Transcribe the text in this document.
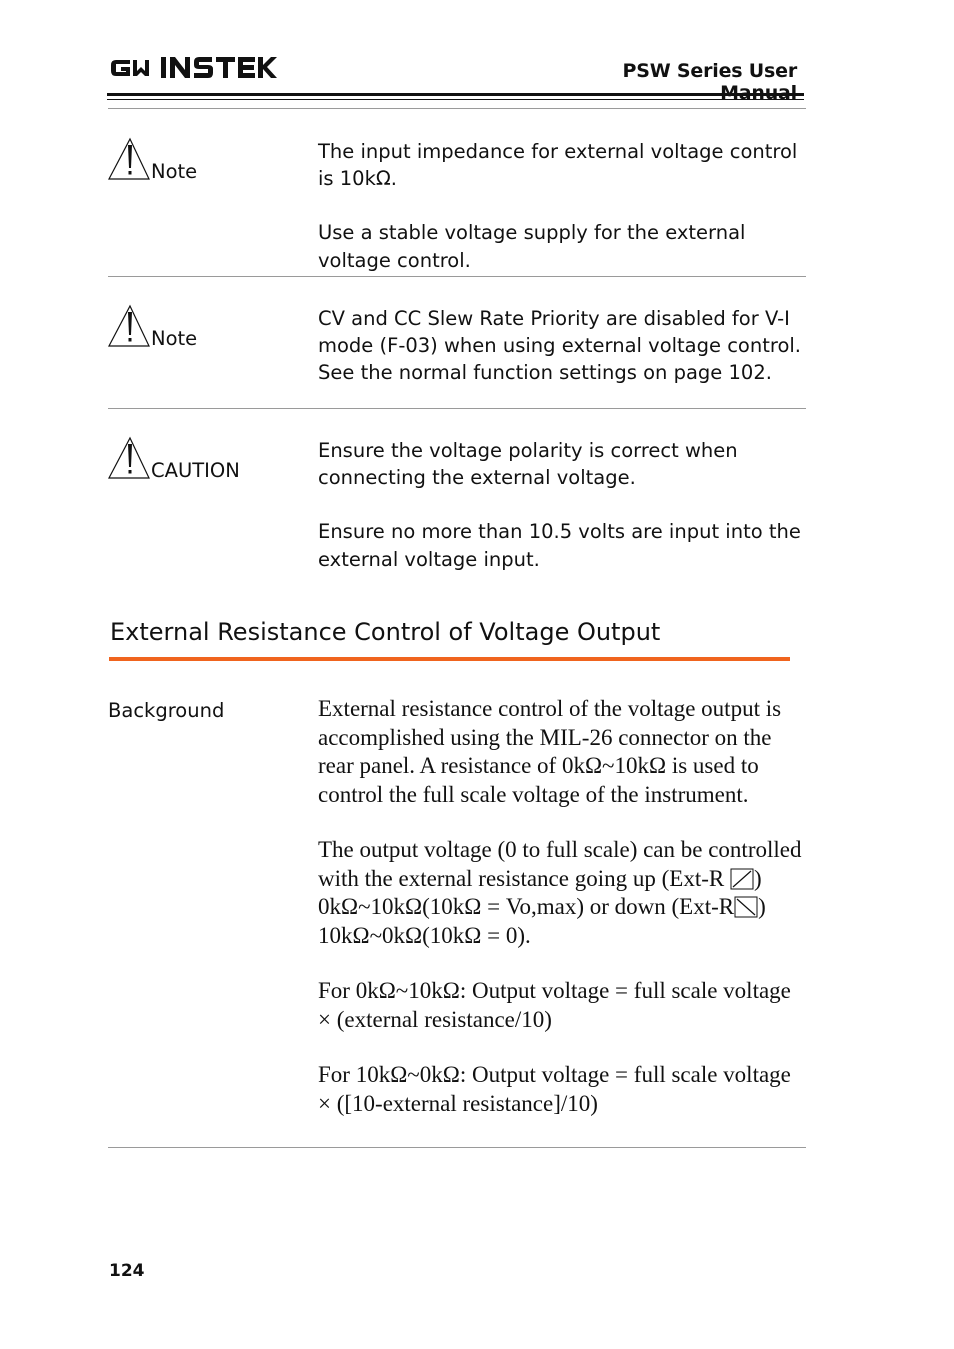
PSW Series User
Note

The input impedance for external voltage control is 10kΩ.

Use a stable voltage supply for the external voltage control.

Note

CV and CC Slew Rate Priority are disabled for V-I mode (F-03) when using external voltage control. See the normal function settings on page 102.

CAUTION

Ensure the voltage polarity is correct when connecting the external voltage.

Ensure no more than 10.5 volts are input into the external voltage input.

External Resistance Control of Voltage Output
Background	External resistance control of the voltage output is accomplished using the MIL-26 connector on the rear panel. A resistance of 0kΩ~10kΩ is used to control the full scale voltage of the instrument.

The output voltage (0 to full scale) can be controlled with the external resistance going up (Ext-R ) 0kΩ~10kΩ(10kΩ = Vo,max) or down (Ext-R ) 10kΩ~0kΩ(10kΩ = 0).

For 0kΩ~10kΩ: Output voltage = full scale voltage × (external resistance/10)

For 10kΩ~0kΩ: Output voltage = full scale voltage × ([10-external resistance]/10)

124
